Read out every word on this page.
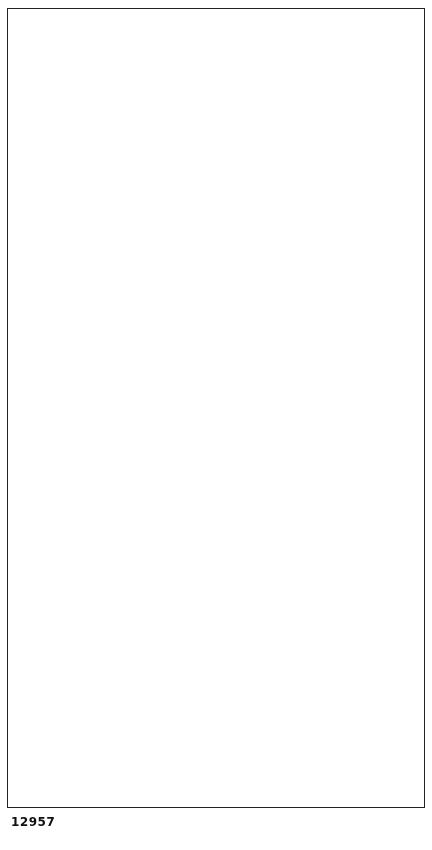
12957
